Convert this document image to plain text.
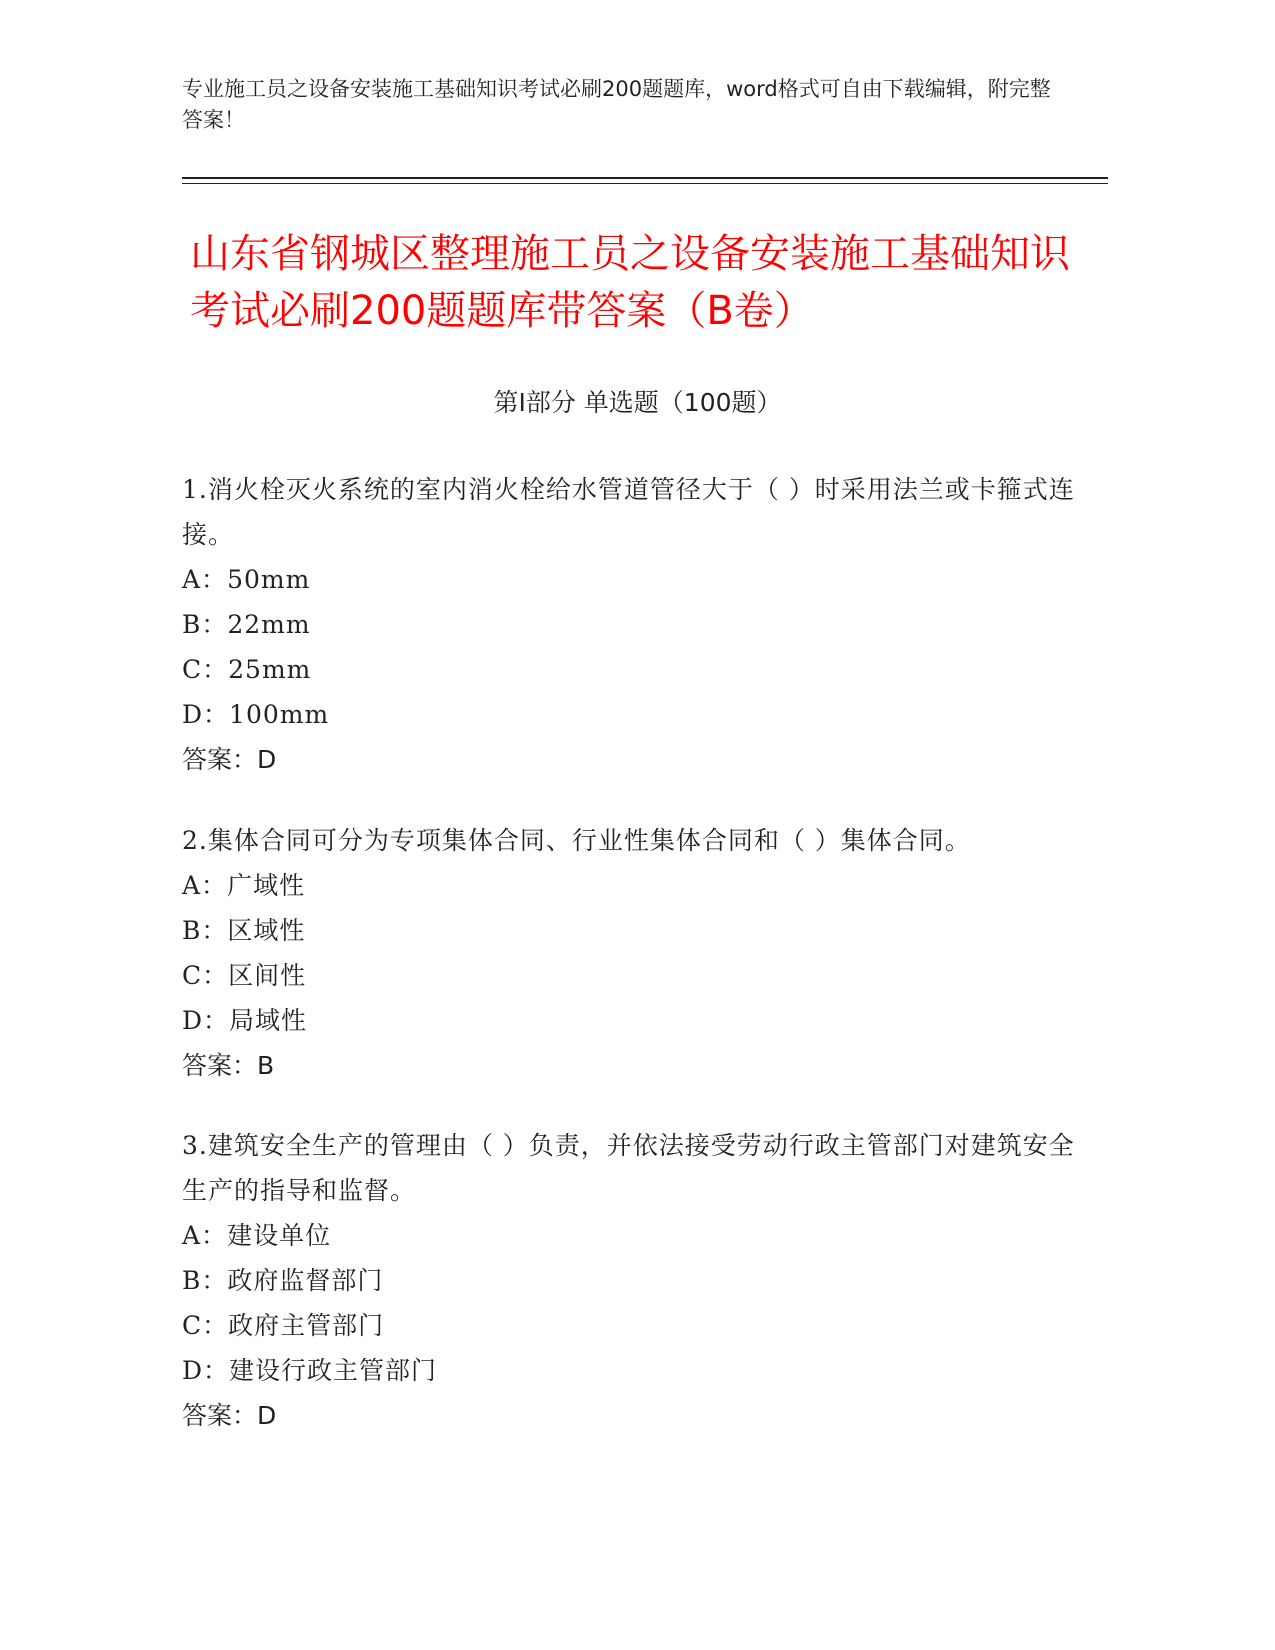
专业施工员之设备安装施工基础知识考试必刷200题题库，word格式可自由下载编辑，附完整答案！
山东省钢城区整理施工员之设备安装施工基础知识考试必刷200题题库带答案（B卷）
第Ⅰ部分 单选题（100题）

1.消火栓灭火系统的室内消火栓给水管道管径大于（ ）时采用法兰或卡箍式连接。

A：50mm

B：22mm

C：25mm

D：100mm

答案：D

2.集体合同可分为专项集体合同、行业性集体合同和（ ）集体合同。

A：广域性

B：区域性

C：区间性

D：局域性

答案：B

3.建筑安全生产的管理由（ ）负责，并依法接受劳动行政主管部门对建筑安全生产的指导和监督。

A：建设单位

B：政府监督部门

C：政府主管部门

D：建设行政主管部门

答案：D
